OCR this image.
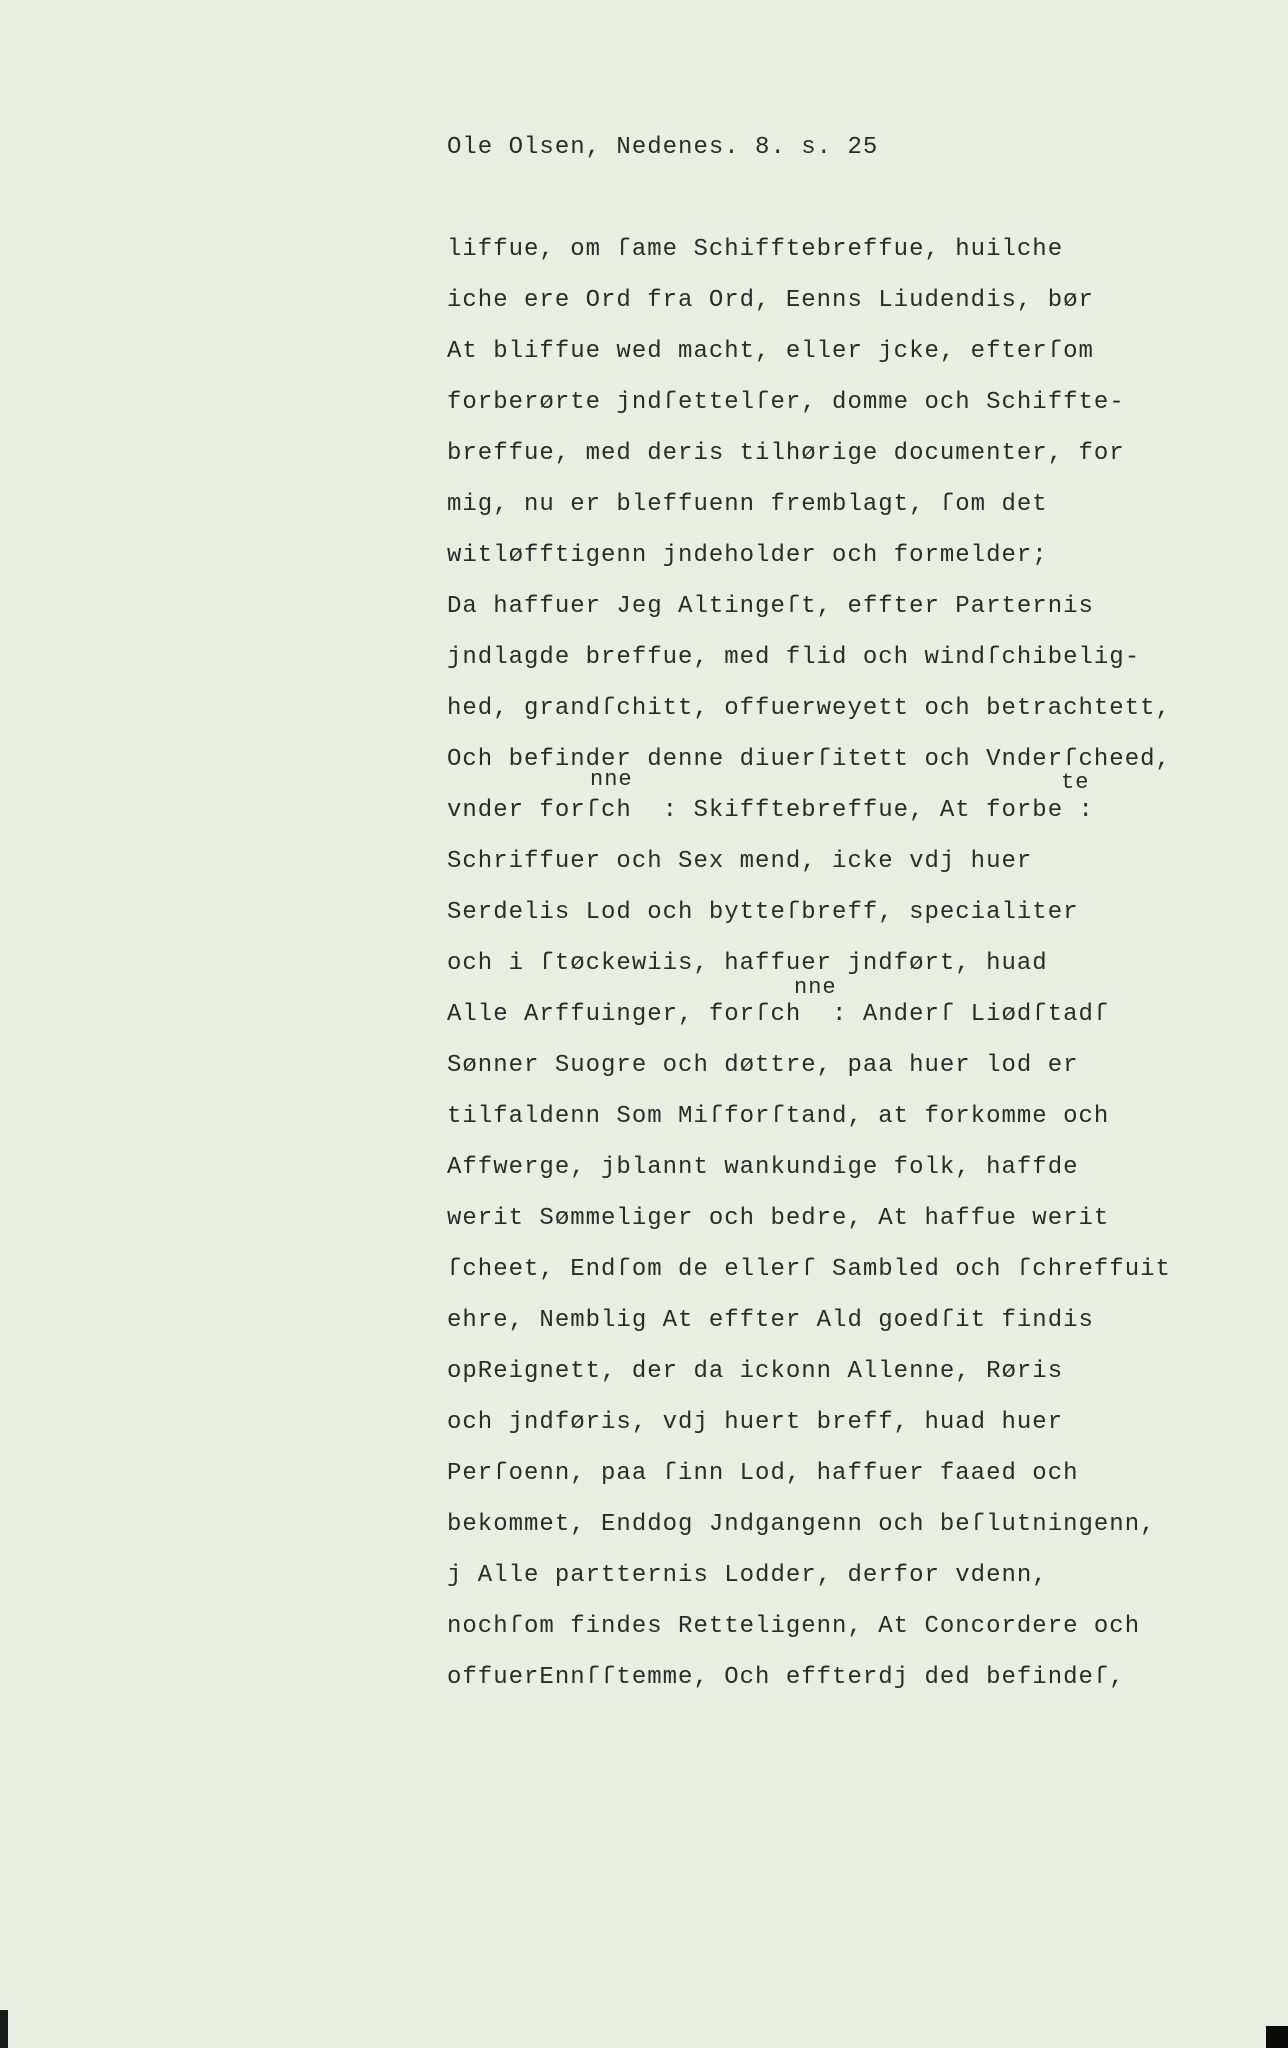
Ole Olsen, Nedenes. 8. s. 25
liffue, om ſame Schifftebreffue, huilche
iche ere Ord fra Ord, Eenns Liudendis, bør
At bliffue wed macht, eller jcke, efterſom
forberørte jndſettelſer, domme och Schiffte-
breffue, med deris tilhørige documenter, for
mig, nu er bleffuenn fremblagt, ſom det
witløfftigenn jndeholder och formelder;
Da haffuer Jeg Altingeſt, effter Parternis
jndlagde breffue, med flid och windſchibelig-
hed, grandſchitt, offuerweyett och betrachtett,
Och befinder denne diuerſitett och Vnderſcheed,
vnder forſch  : Skifftebreffue, At forbe :
Schriffuer och Sex mend, icke vdj huer
Serdelis Lod och bytteſbreff, specialiter
och i ſtøckewiis, haffuer jndført, huad
Alle Arffuinger, forſch  : Anderſ Liødſtadſ
Sønner Suogre och døttre, paa huer lod er
tilfaldenn Som Miſforſtand, at forkomme och
Affwerge, jblannt wankundige folk, haffde
werit Sømmeliger och bedre, At haffue werit
ſcheet, Endſom de ellerſ Sambled och ſchreffuit
ehre, Nemblig At effter Ald goedſit findis
opReignett, der da ickonn Allenne, Røris
och jndføris, vdj huert breff, huad huer
Perſoenn, paa ſinn Lod, haffuer faaed och
bekommet, Enddog Jndgangenn och beſlutningenn,
j Alle partternis Lodder, derfor vdenn,
nochſom findes Retteligenn, At Concordere och
offuerEnnſſtemme, Och effterdj ded befindeſ,
nne	te
nne
